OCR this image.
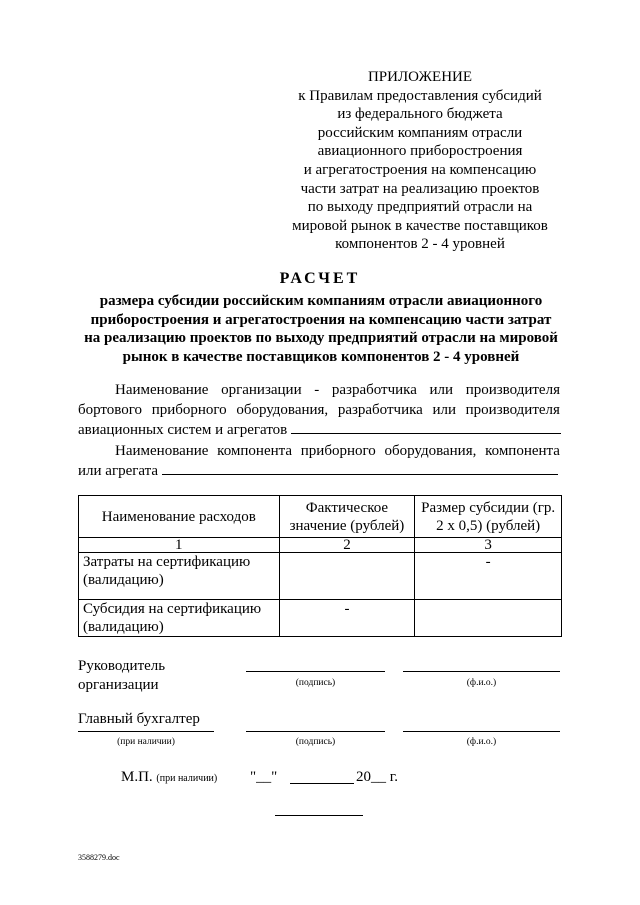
ПРИЛОЖЕНИЕ
к Правилам предоставления субсидий
из федерального бюджета
российским компаниям отрасли
авиационного приборостроения
и агрегатостроения на компенсацию
части затрат на реализацию проектов
по выходу предприятий отрасли на
мировой рынок в качестве поставщиков
компонентов 2 - 4 уровней
РАСЧЕТ
размера субсидии российским компаниям отрасли авиационного
приборостроения и агрегатостроения на компенсацию части затрат
на реализацию проектов по выходу предприятий отрасли на мировой
рынок в качестве поставщиков компонентов 2 - 4 уровней
Наименование организации - разработчика или производителя
бортового приборного оборудования, разработчика или производителя
авиационных систем и агрегатов
Наименование компонента приборного оборудования, компонента
или агрегата
Наименование расходов	Фактическое значение (рублей)	Размер субсидии (гр. 2 х 0,5) (рублей)
1	2	3
Затраты на сертификацию (валидацию)		-
Субсидия на сертификацию (валидацию)	-	
Руководитель организации	(подпись)	(ф.и.о.)
Главный бухгалтер
(при наличии)	(подпись)	(ф.и.о.)
М.П. (при наличии) "__"	20__ г.
3588279.doc
